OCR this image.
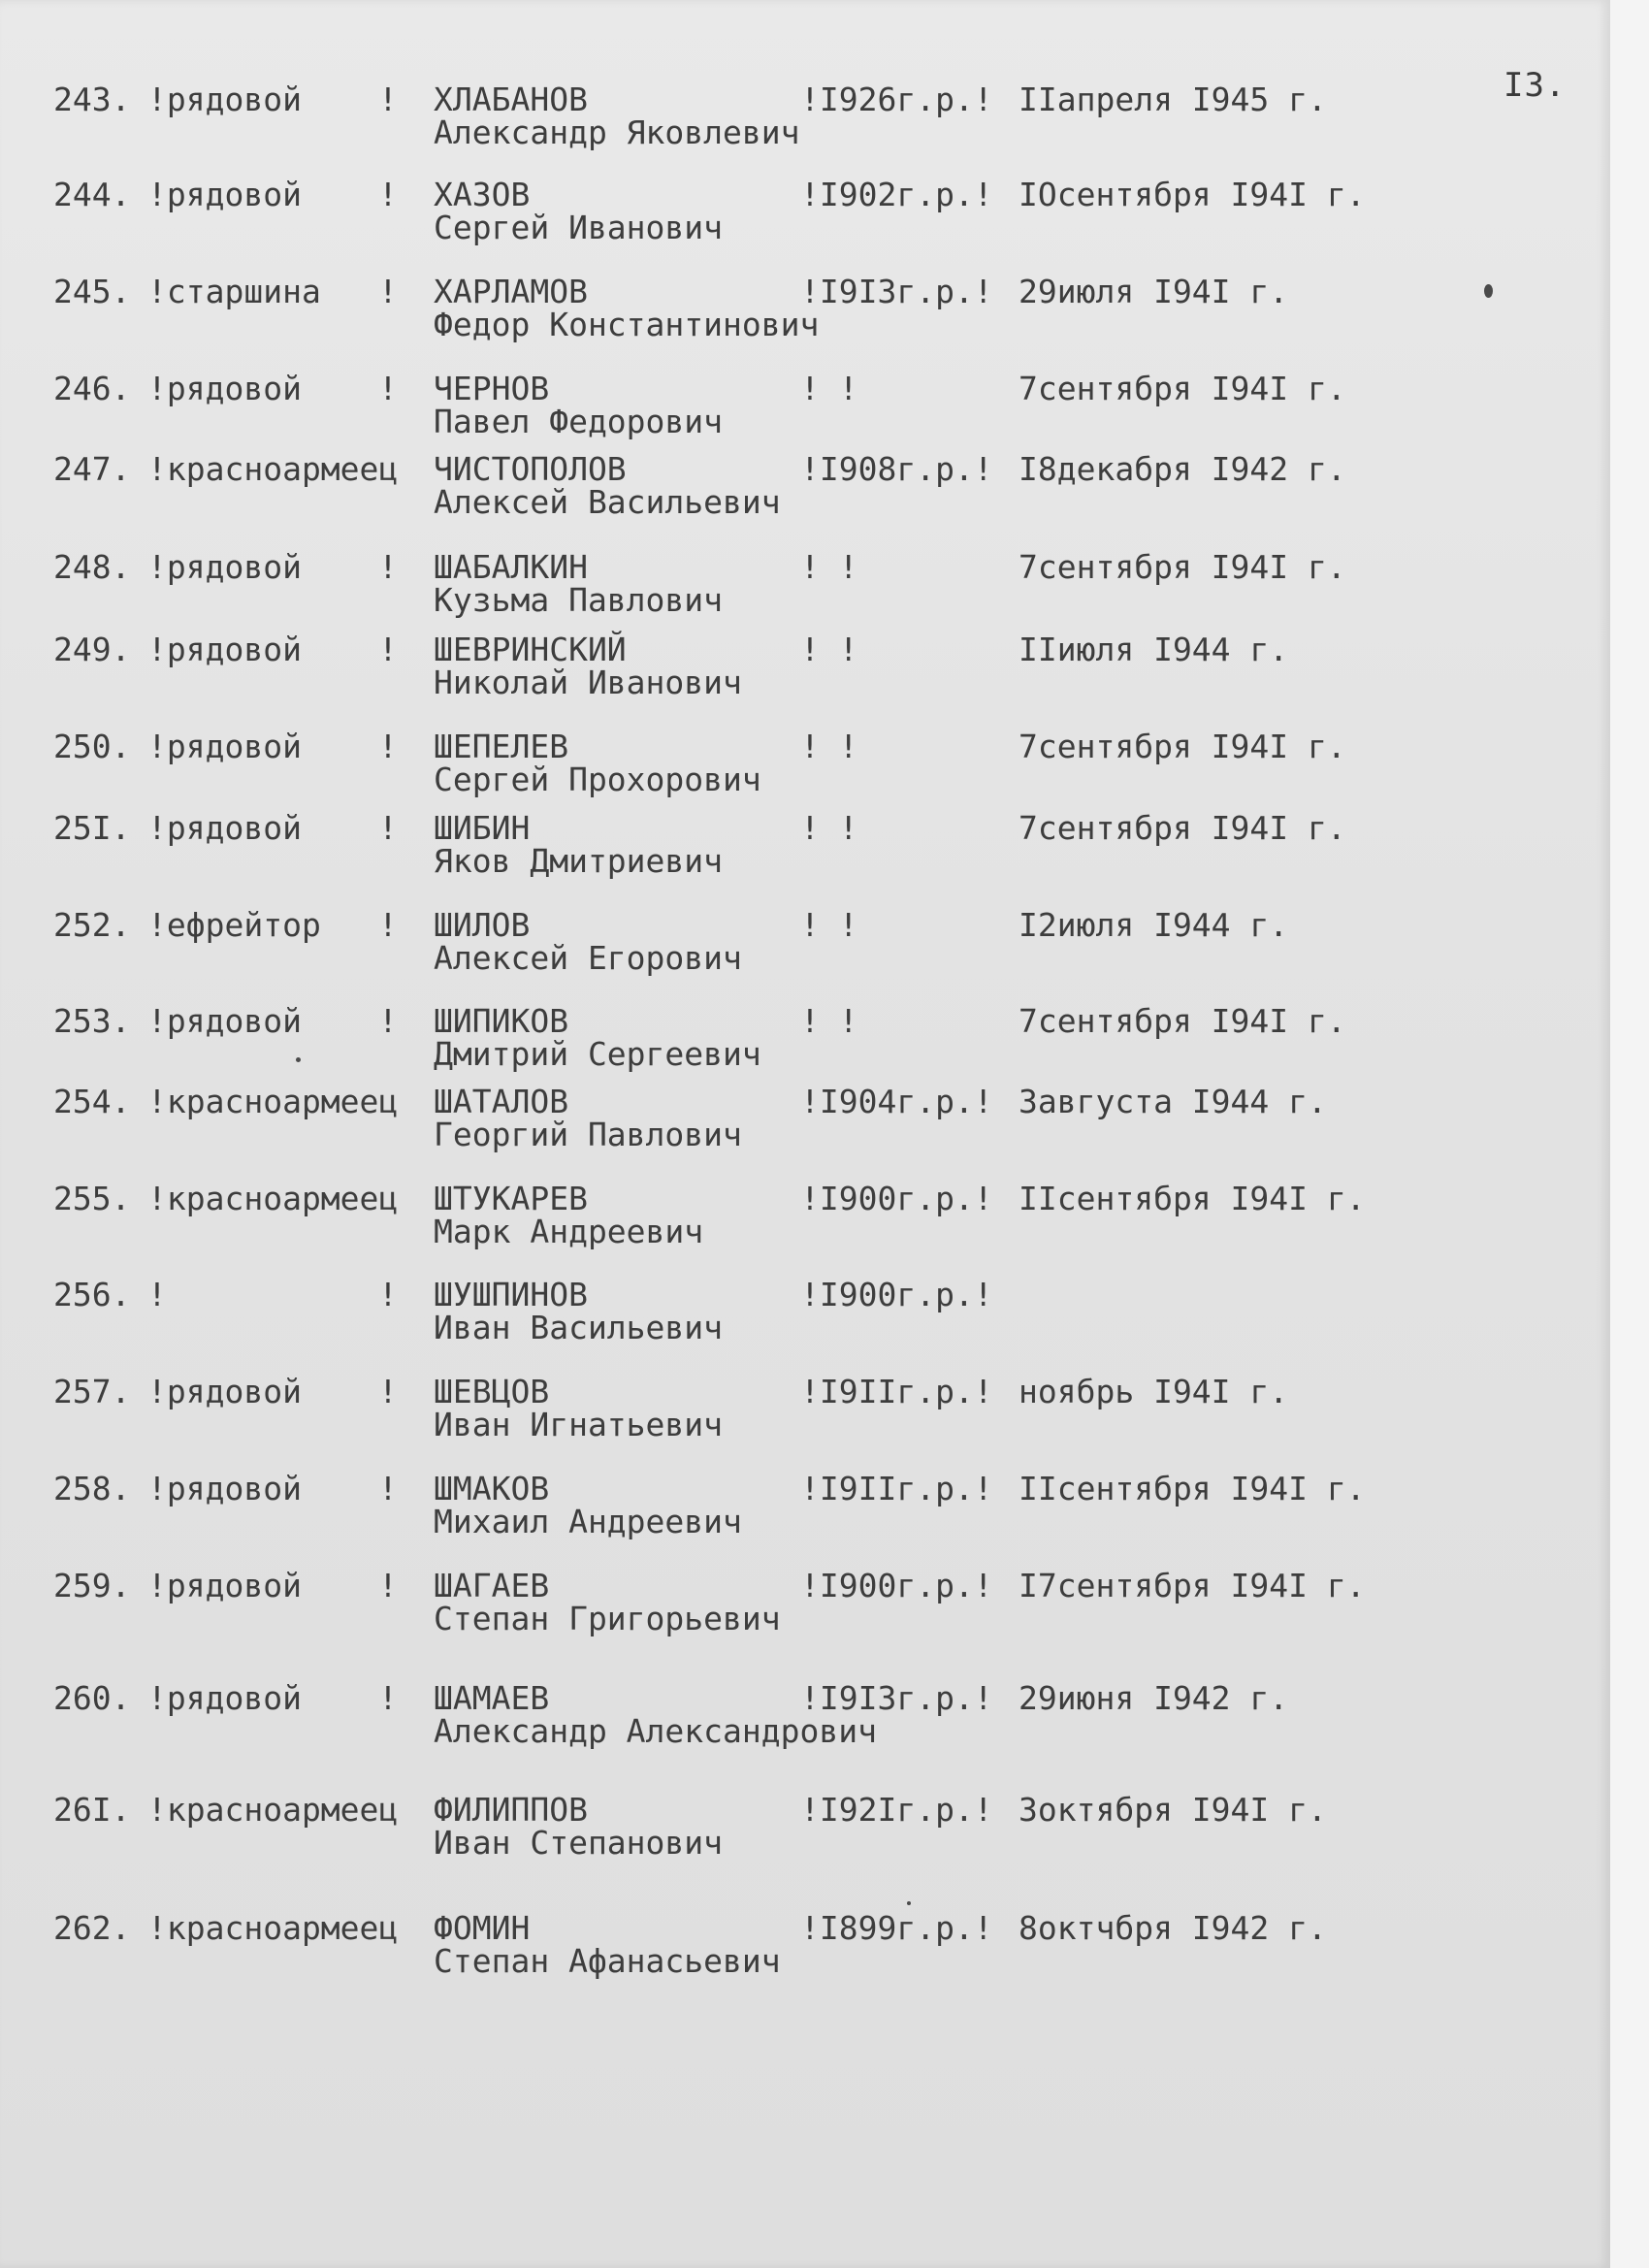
I3.
243. !рядовой ! ХЛАБАНОВ	!I926г.р.! IIапреля I945 г.
Александр Яковлевич
244. !рядовой ! ХАЗОВ	!I902г.р.! IOсентября I94I г.
Сергей Иванович
245. !старшина ! ХАРЛАМОВ	!I9I3г.р.! 29июля I94I г.
Федор Константинович
246. !рядовой ! ЧЕРНОВ	! !	7сентября I94I г.
Павел Федорович
247. !красноармеец ЧИСТОПОЛОВ	!I908г.р.! I8декабря I942 г.
Алексей Васильевич
248. !рядовой ! ШАБАЛКИН	! !	7сентября I94I г.
Кузьма Павлович
249. !рядовой ! ШЕВРИНСКИЙ	! !	IIиюля I944 г.
Николай Иванович
250. !рядовой ! ШЕПЕЛЕВ	! !	7сентября I94I г.
Сергей Прохорович
25I. !рядовой ! ШИБИН	! !	7сентября I94I г.
Яков Дмитриевич
252. !ефрейтор ! ШИЛОВ	! !	I2июля I944 г.
Алексей Егорович
253. !рядовой ! ШИПИКОВ	! !	7сентября I94I г.
Дмитрий Сергеевич
254. !красноармеец ШАТАЛОВ	!I904г.р.! Завгуста I944 г.
Георгий Павлович
255. !красноармеец ШТУКАРЕВ	!I900г.р.! IIсентября I94I г.
Марк Андреевич
256. !	! ШУШПИНОВ	!I900г.р.!
Иван Васильевич
257. !рядовой ! ШЕВЦОВ	!I9IIг.р.! ноябрь I94I г.
Иван Игнатьевич
258. !рядовой ! ШМАКОВ	!I9IIг.р.! IIсентября I94I г.
Михаил Андреевич
259. !рядовой ! ШАГАЕВ	!I900г.р.! I7сентября I94I г.
Степан Григорьевич
260. !рядовой ! ШАМАЕВ	!I9I3г.р.! 29июня I942 г.
Александр Александрович
26I. !красноармеец ФИЛИППОВ	!I92Iг.р.! Зоктября I94I г.
Иван Степанович
262. !красноармеец ФОМИН	!I899г.р.! 8октчбря I942 г.
Степан Афанасьевич
